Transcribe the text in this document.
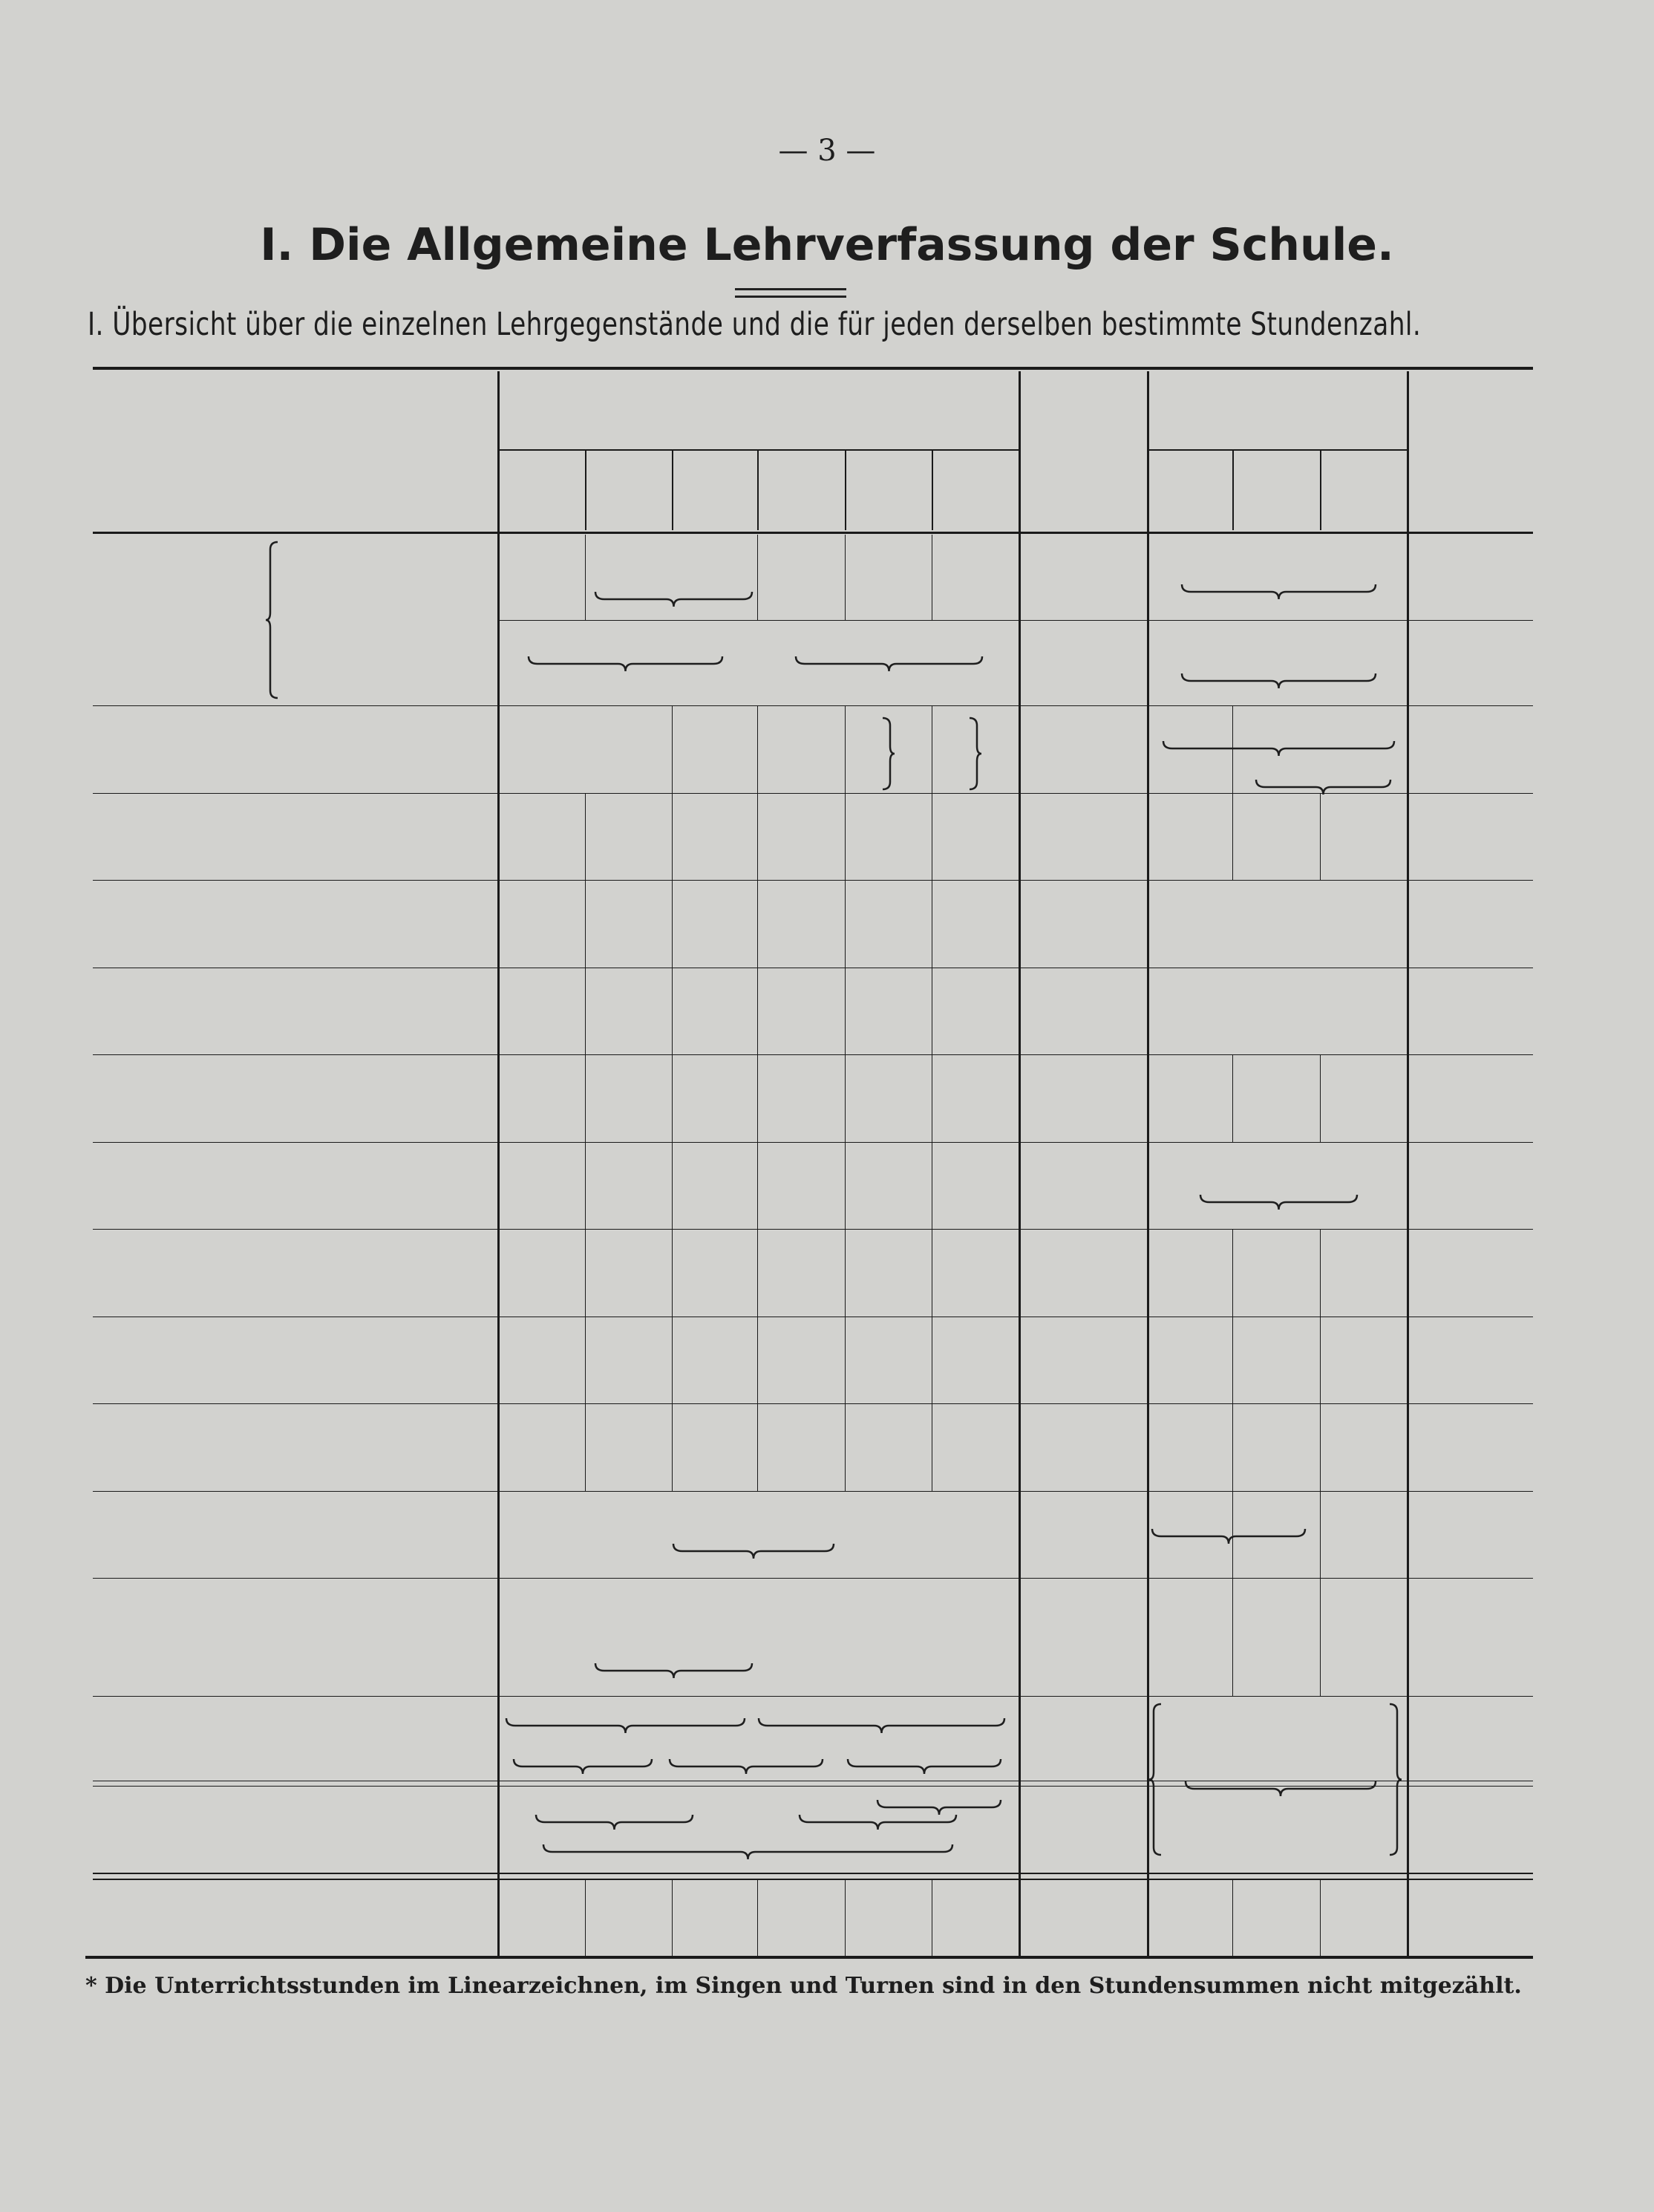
— 3 —
I. Die Allgemeine Lehrverfassung der Schule.
I. Übersicht über die einzelnen Lehrgegenstände und die für jeden derselben bestimmte Stundenzahl.
* Die Unterrichtsstunden im Linearzeichnen, im Singen und Turnen sind in den Stundensummen nicht mitgezählt.
